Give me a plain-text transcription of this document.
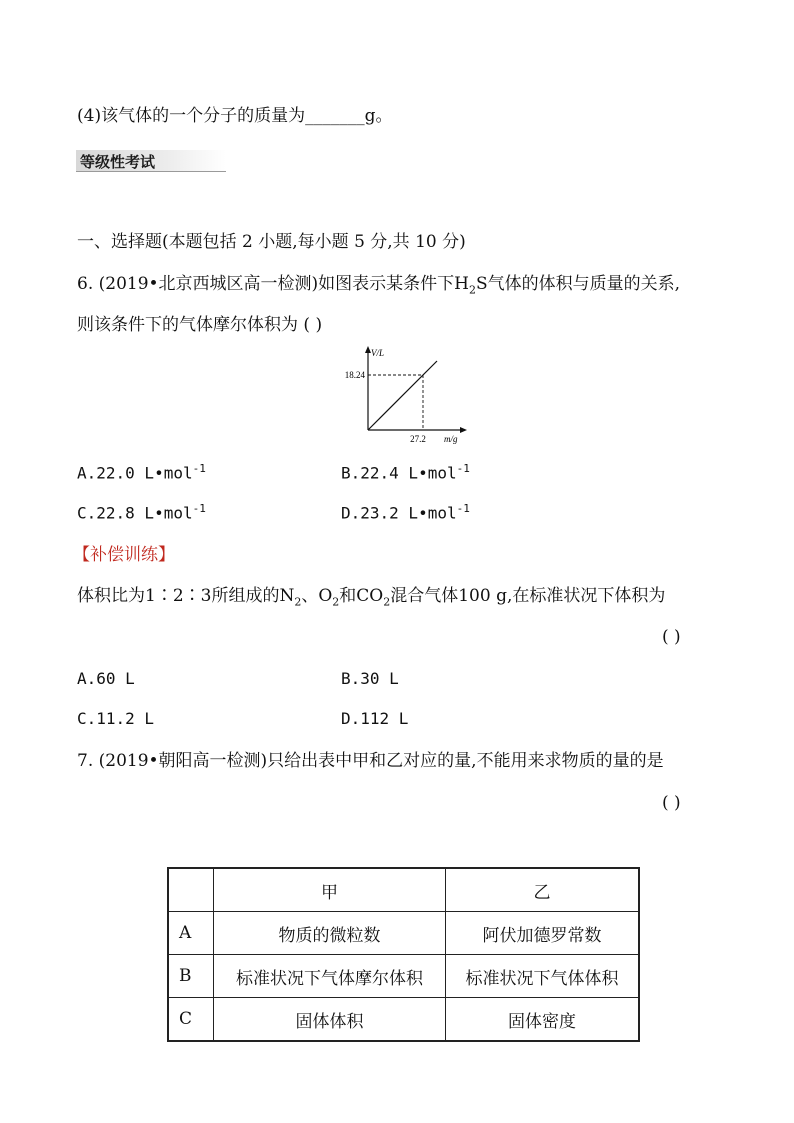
(4)该气体的一个分子的质量为_______g。
等级性考试
一、选择题(本题包括 2 小题,每小题 5 分,共 10 分)
6. (2019•北京西城区高一检测)如图表示某条件下$H_2S$气体的体积与质量的关系,
则该条件下的气体摩尔体积为 ( )
V/L
m/g
18.24
27.2
A.22.0 L•mol$^{-1}$	B.22.4 L•mol$^{-1}$
C.22.8 L•mol$^{-1}$	D.23.2 L•mol$^{-1}$
【补偿训练】
体积比为1∶2∶3所组成的$N_2$、$O_2$和$CO_2$混合气体100 g,在标准状况下体积为
( )
A.60 L	B.30 L
C.11.2 L	D.112 L
7. (2019•朝阳高一检测)只给出表中甲和乙对应的量,不能用来求物质的量的是
( )
	甲	乙
A	物质的微粒数	阿伏加德罗常数
B	标准状况下气体摩尔体积	标准状况下气体体积
C	固体体积	固体密度
